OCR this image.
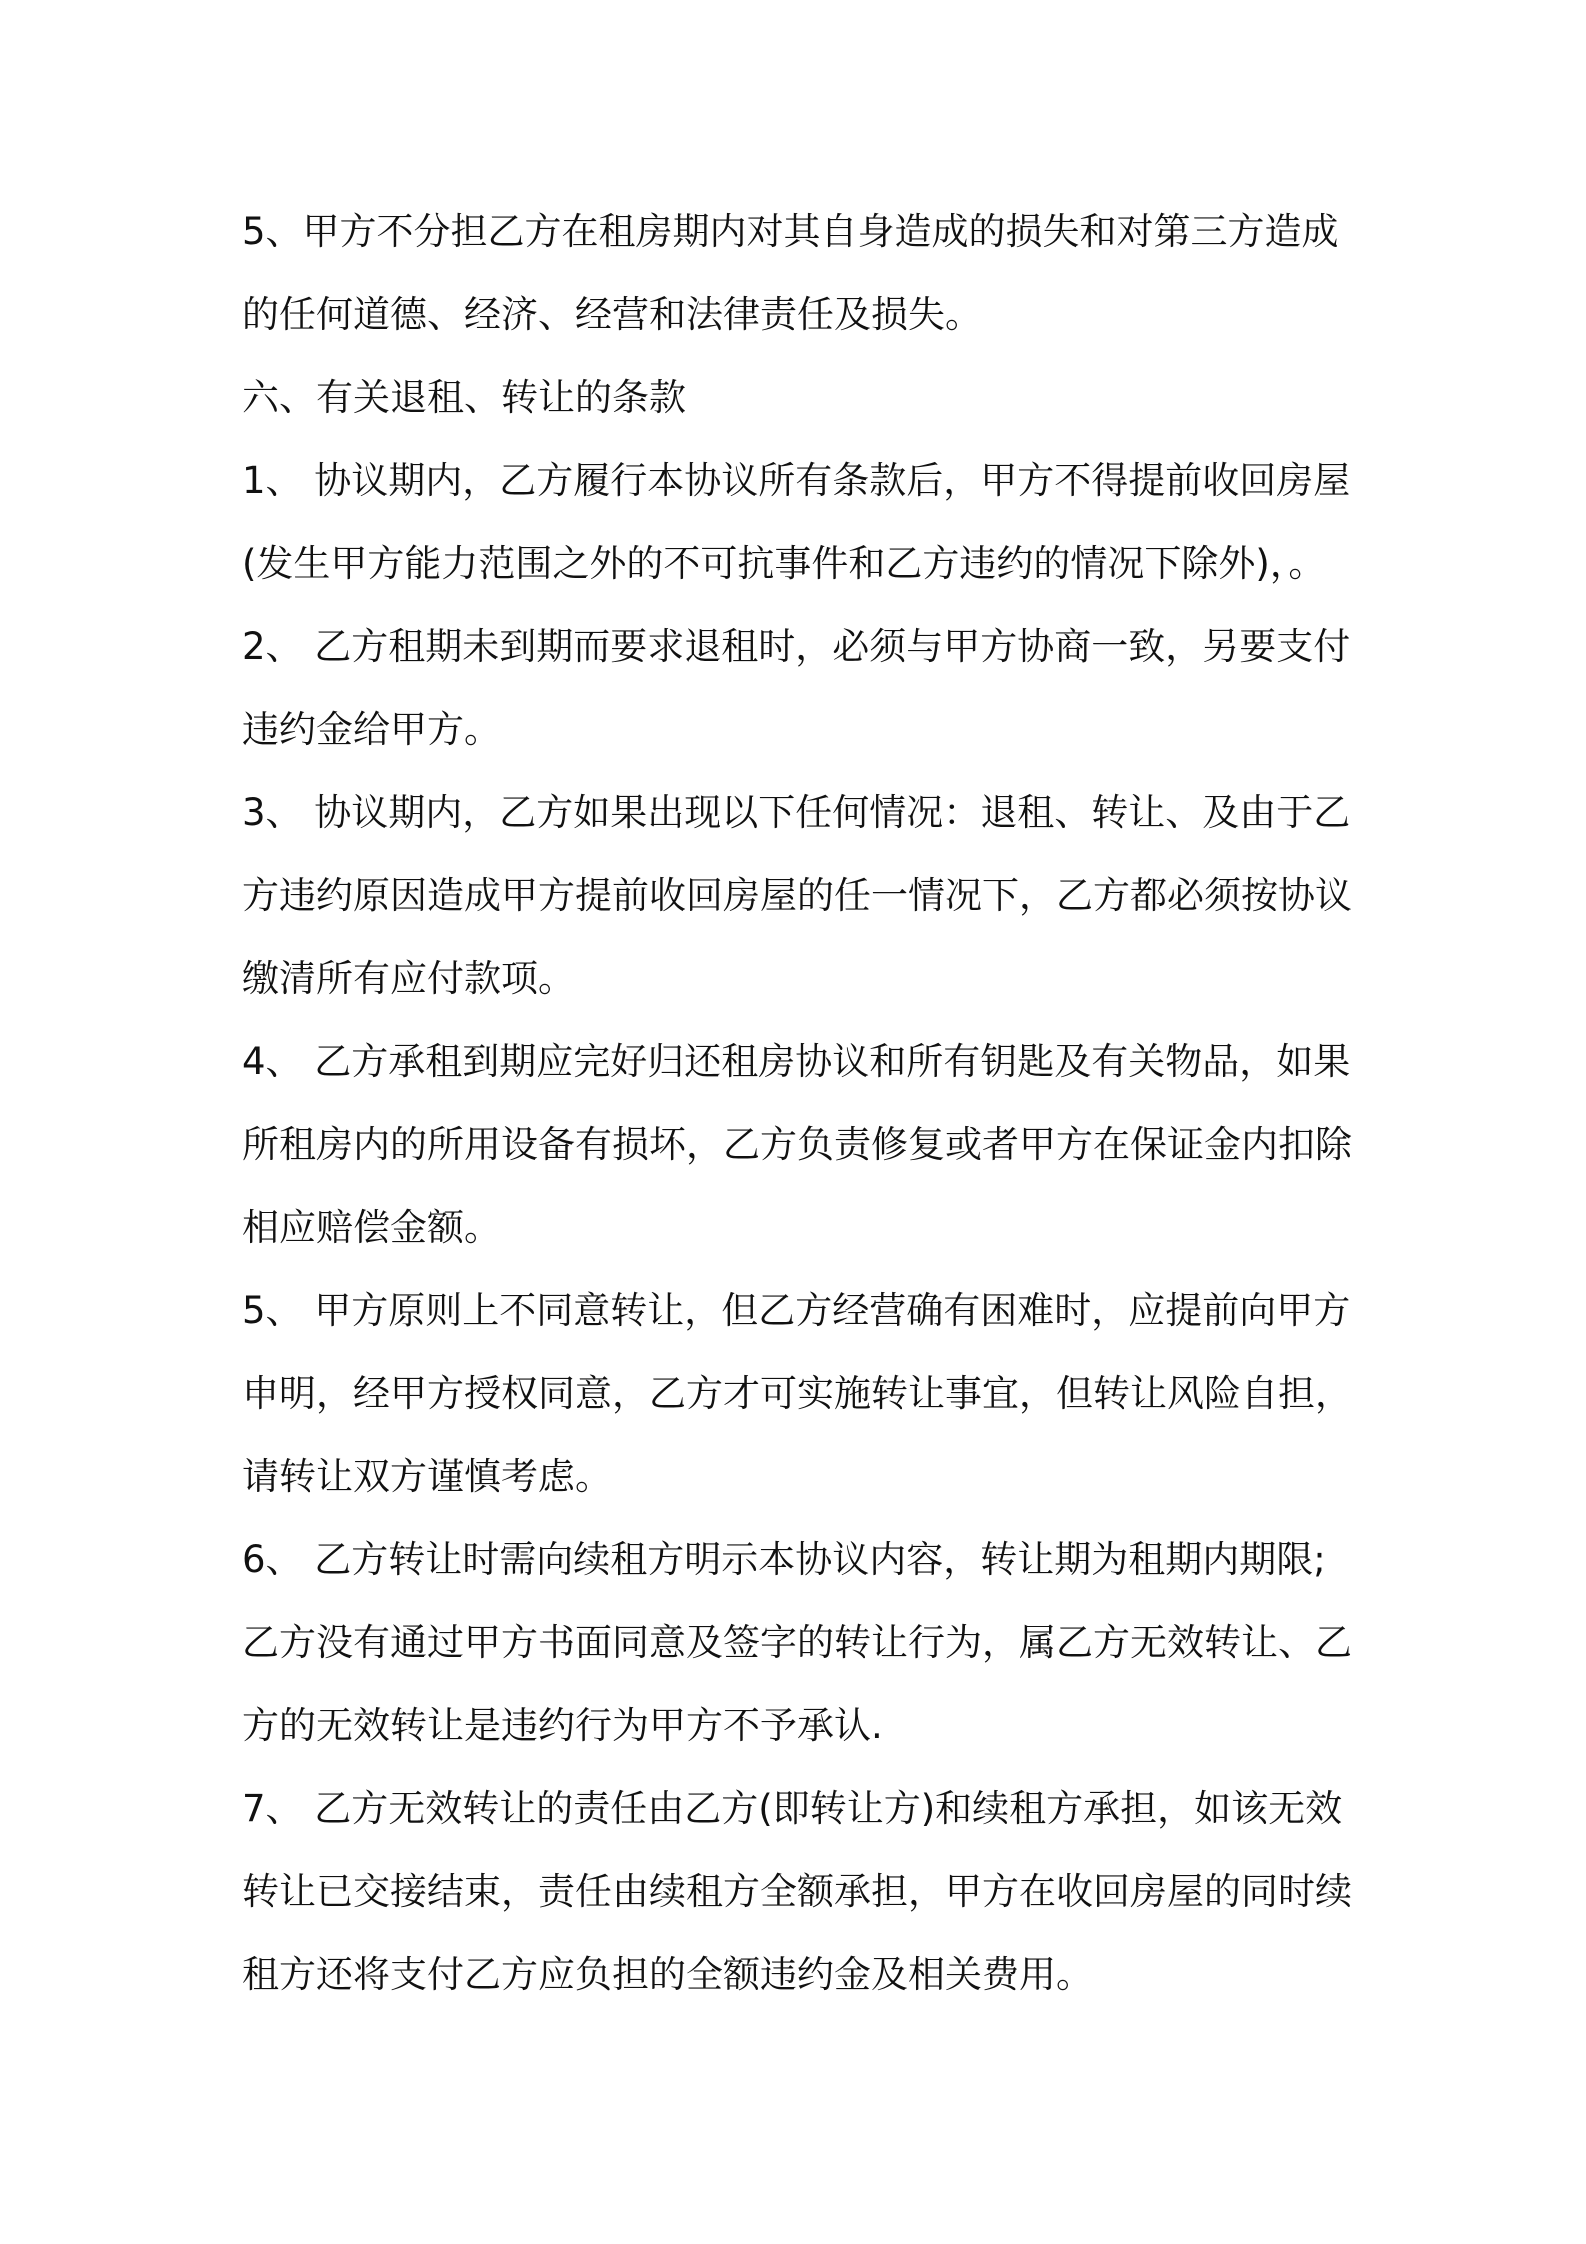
5、甲方不分担乙方在租房期内对其自身造成的损失和对第三方造成
的任何道德、经济、经营和法律责任及损失。
六、有关退租、转让的条款
1、 协议期内，乙方履行本协议所有条款后，甲方不得提前收回房屋
(发生甲方能力范围之外的不可抗事件和乙方违约的情况下除外)，。
2、 乙方租期未到期而要求退租时，必须与甲方协商一致，另要支付
违约金给甲方。
3、 协议期内，乙方如果出现以下任何情况：退租、转让、及由于乙
方违约原因造成甲方提前收回房屋的任一情况下，乙方都必须按协议
缴清所有应付款项。
4、 乙方承租到期应完好归还租房协议和所有钥匙及有关物品，如果
所租房内的所用设备有损坏，乙方负责修复或者甲方在保证金内扣除
相应赔偿金额。
5、 甲方原则上不同意转让，但乙方经营确有困难时，应提前向甲方
申明，经甲方授权同意，乙方才可实施转让事宜，但转让风险自担，
请转让双方谨慎考虑。
6、 乙方转让时需向续租方明示本协议内容，转让期为租期内期限;
乙方没有通过甲方书面同意及签字的转让行为，属乙方无效转让、乙
方的无效转让是违约行为甲方不予承认.
7、 乙方无效转让的责任由乙方(即转让方)和续租方承担，如该无效
转让已交接结束，责任由续租方全额承担，甲方在收回房屋的同时续
租方还将支付乙方应负担的全额违约金及相关费用。
